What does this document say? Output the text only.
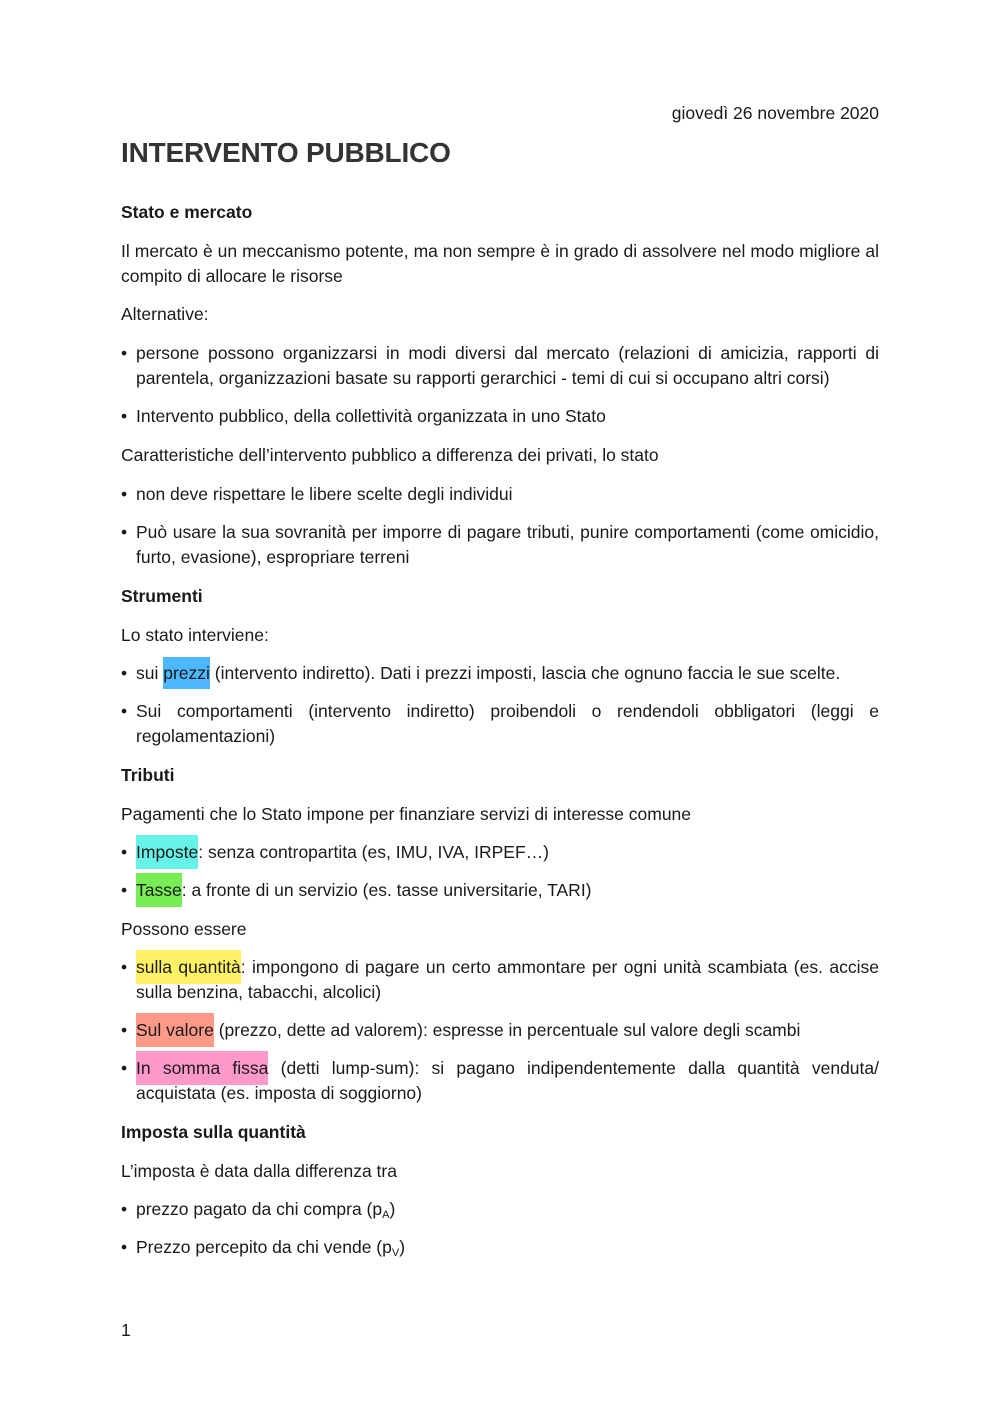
giovedì 26 novembre 2020
INTERVENTO PUBBLICO
Stato e mercato

Il mercato è un meccanismo potente, ma non sempre è in grado di assolvere nel modo migliore al compito di allocare le risorse

Alternative:

• persone possono organizzarsi in modi diversi dal mercato (relazioni di amicizia, rapporti di parentela, organizzazioni basate su rapporti gerarchici - temi di cui si occupano altri corsi)

• Intervento pubblico, della collettività organizzata in uno Stato

Caratteristiche dell’intervento pubblico a differenza dei privati, lo stato

• non deve rispettare le libere scelte degli individui

• Può usare la sua sovranità per imporre di pagare tributi, punire comportamenti (come omicidio, furto, evasione), espropriare terreni

Strumenti

Lo stato interviene:

• sui prezzi (intervento indiretto). Dati i prezzi imposti, lascia che ognuno faccia le sue scelte.

• Sui comportamenti (intervento indiretto) proibendoli o rendendoli obbligatori (leggi e regolamentazioni)

Tributi

Pagamenti che lo Stato impone per finanziare servizi di interesse comune

• Imposte: senza contropartita (es, IMU, IVA, IRPEF…)

• Tasse: a fronte di un servizio (es. tasse universitarie, TARI)

Possono essere

• sulla quantità: impongono di pagare un certo ammontare per ogni unità scambiata (es. accise sulla benzina, tabacchi, alcolici)

• Sul valore (prezzo, dette ad valorem): espresse in percentuale sul valore degli scambi

• In somma fissa (detti lump-sum): si pagano indipendentemente dalla quantità venduta/ acquistata (es. imposta di soggiorno)

Imposta sulla quantità

L’imposta è data dalla differenza tra

• prezzo pagato da chi compra $(p_A)$

• Prezzo percepito da chi vende $(p_V)$

1
